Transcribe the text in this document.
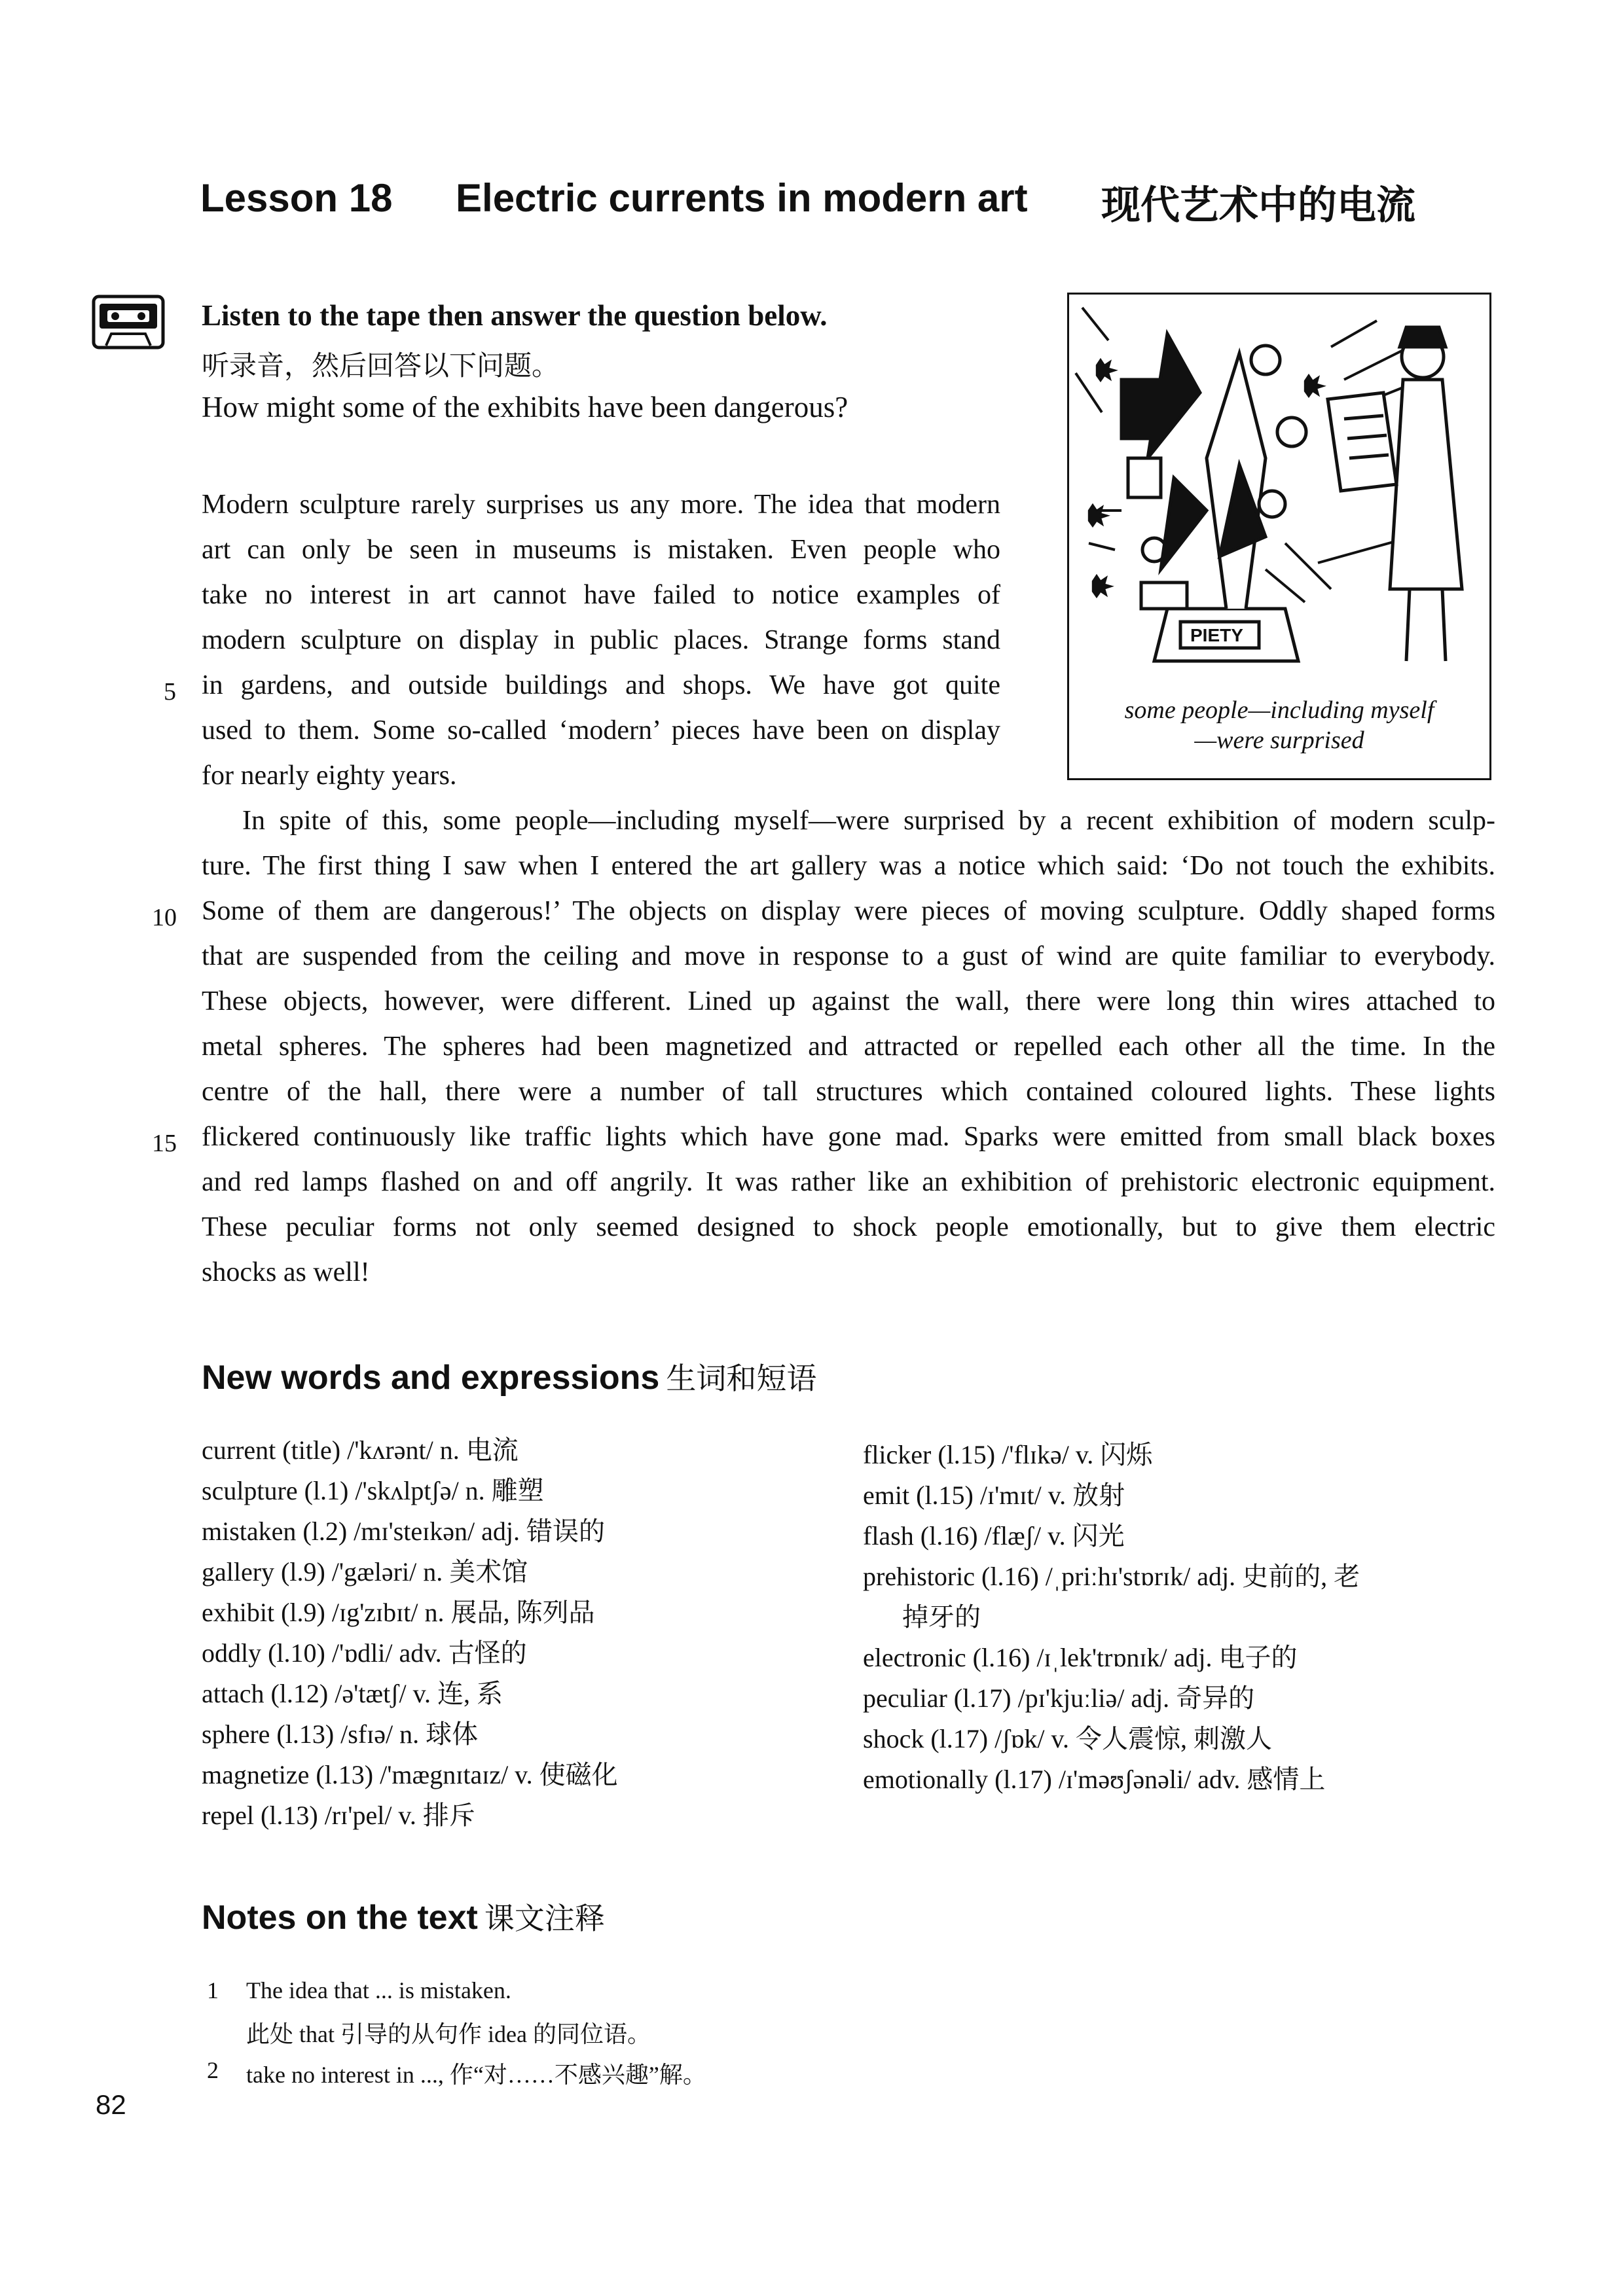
Lesson 18 Electric currents in modern art 现代艺术中的电流
Listen to the tape then answer the question below.
听录音，然后回答以下问题。
How might some of the exhibits have been dangerous?
PIETY
some people—including myself
—were surprised
Modern sculpture rarely surprises us any more. The idea that modern
art can only be seen in museums is mistaken. Even people who
take no interest in art cannot have failed to notice examples of
modern sculpture on display in public places. Strange forms stand
in gardens, and outside buildings and shops. We have got quite
used to them. Some so-called ‘modern’ pieces have been on display
for nearly eighty years.
In spite of this, some people—including myself—were surprised by a recent exhibition of modern sculp-
ture. The first thing I saw when I entered the art gallery was a notice which said: ‘Do not touch the exhibits.
Some of them are dangerous!’ The objects on display were pieces of moving sculpture. Oddly shaped forms
that are suspended from the ceiling and move in response to a gust of wind are quite familiar to everybody.
These objects, however, were different. Lined up against the wall, there were long thin wires attached to
metal spheres. The spheres had been magnetized and attracted or repelled each other all the time. In the
centre of the hall, there were a number of tall structures which contained coloured lights. These lights
flickered continuously like traffic lights which have gone mad. Sparks were emitted from small black boxes
and red lamps flashed on and off angrily. It was rather like an exhibition of prehistoric electronic equipment.
These peculiar forms not only seemed designed to shock people emotionally, but to give them electric
shocks as well!
5
10
15
New words and expressions 生词和短语
current (title) /'kʌrənt/ n. 电流
sculpture (l.1) /'skʌlptʃə/ n. 雕塑
mistaken (l.2) /mɪ'steɪkən/ adj. 错误的
gallery (l.9) /'gæləri/ n. 美术馆
exhibit (l.9) /ɪg'zɪbɪt/ n. 展品, 陈列品
oddly (l.10) /'ɒdli/ adv. 古怪的
attach (l.12) /ə'tætʃ/ v. 连, 系
sphere (l.13) /sfɪə/ n. 球体
magnetize (l.13) /'mægnɪtaɪz/ v. 使磁化
repel (l.13) /rɪ'pel/ v. 排斥
flicker (l.15) /'flɪkə/ v. 闪烁
emit (l.15) /ɪ'mɪt/ v. 放射
flash (l.16) /flæʃ/ v. 闪光
prehistoric (l.16) /ˌpriːhɪ'stɒrɪk/ adj. 史前的, 老
掉牙的
electronic (l.16) /ɪˌlek'trɒnɪk/ adj. 电子的
peculiar (l.17) /pɪ'kjuːliə/ adj. 奇异的
shock (l.17) /ʃɒk/ v. 令人震惊, 刺激人
emotionally (l.17) /ɪ'məʊʃənəli/ adv. 感情上
Notes on the text 课文注释
1 The idea that ... is mistaken.
此处 that 引导的从句作 idea 的同位语。
2 take no interest in ..., 作“对……不感兴趣”解。
82
